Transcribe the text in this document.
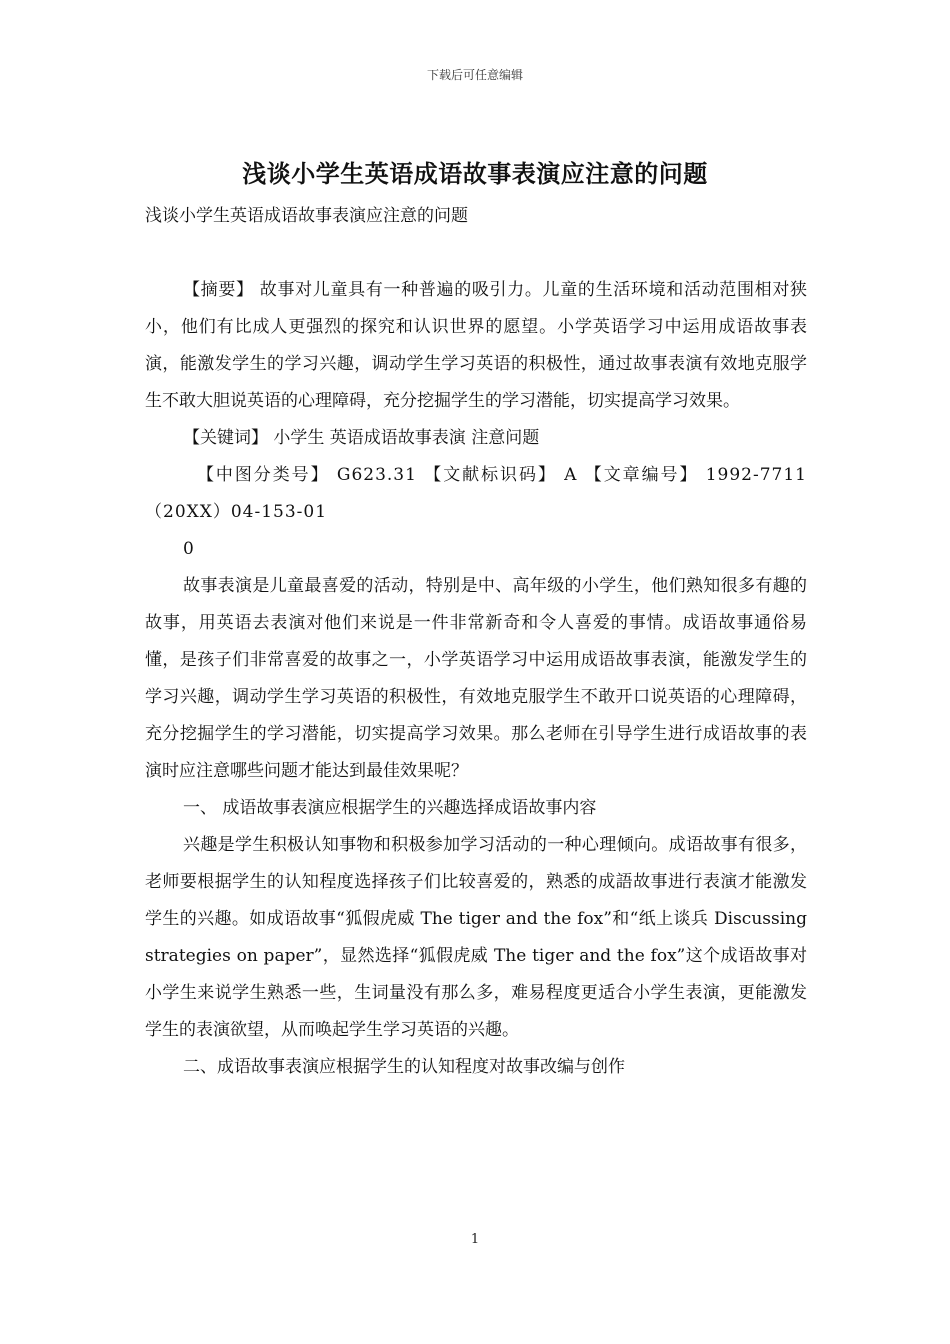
下载后可任意编辑
浅谈小学生英语成语故事表演应注意的问题

浅谈小学生英语成语故事表演应注意的问题

【摘要】 故事对儿童具有一种普遍的吸引力。儿童的生活环境和活动范围相对狭小，他们有比成人更强烈的探究和认识世界的愿望。小学英语学习中运用成语故事表演，能激发学生的学习兴趣，调动学生学习英语的积极性，通过故事表演有效地克服学生不敢大胆说英语的心理障碍，充分挖掘学生的学习潜能，切实提高学习效果。

【关键词】 小学生 英语成语故事表演 注意问题

【中图分类号】 G623.31 【文献标识码】 A 【文章编号】 1992-7711（20XX）04-153-01

0

故事表演是儿童最喜爱的活动，特别是中、高年级的小学生，他们熟知很多有趣的故事，用英语去表演对他们来说是一件非常新奇和令人喜爱的事情。成语故事通俗易懂，是孩子们非常喜爱的故事之一，小学英语学习中运用成语故事表演，能激发学生的学习兴趣，调动学生学习英语的积极性，有效地克服学生不敢开口说英语的心理障碍，充分挖掘学生的学习潜能，切实提高学习效果。那么老师在引导学生进行成语故事的表演时应注意哪些问题才能达到最佳效果呢？

一、 成语故事表演应根据学生的兴趣选择成语故事内容

兴趣是学生积极认知事物和积极参加学习活动的一种心理倾向。成语故事有很多，老师要根据学生的认知程度选择孩子们比较喜爱的，熟悉的成語故事进行表演才能激发学生的兴趣。如成语故事“狐假虎威 The tiger and the fox”和“纸上谈兵 Discussing strategies on paper”，显然选择“狐假虎威 The tiger and the fox”这个成语故事对小学生来说学生熟悉一些，生词量没有那么多，难易程度更适合小学生表演，更能激发学生的表演欲望，从而唤起学生学习英语的兴趣。

二、成语故事表演应根据学生的认知程度对故事改编与创作

1
